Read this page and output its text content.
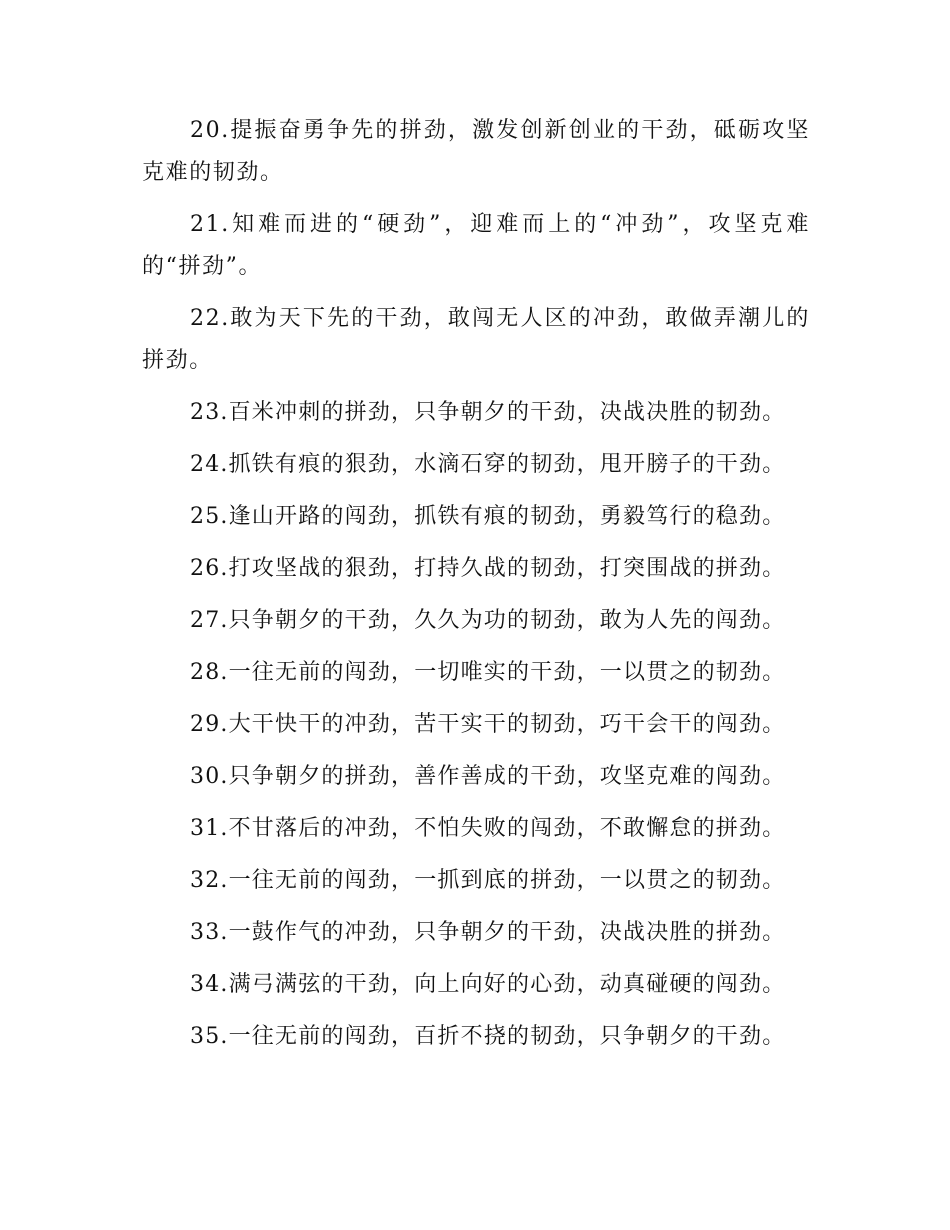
20.提振奋勇争先的拼劲，激发创新创业的干劲，砥砺攻坚克难的韧劲。

21.知难而进的“硬劲”，迎难而上的“冲劲”，攻坚克难的“拼劲”。

22.敢为天下先的干劲，敢闯无人区的冲劲，敢做弄潮儿的拼劲。

23.百米冲刺的拼劲，只争朝夕的干劲，决战决胜的韧劲。

24.抓铁有痕的狠劲，水滴石穿的韧劲，甩开膀子的干劲。

25.逢山开路的闯劲，抓铁有痕的韧劲，勇毅笃行的稳劲。

26.打攻坚战的狠劲，打持久战的韧劲，打突围战的拼劲。

27.只争朝夕的干劲，久久为功的韧劲，敢为人先的闯劲。

28.一往无前的闯劲，一切唯实的干劲，一以贯之的韧劲。

29.大干快干的冲劲，苦干实干的韧劲，巧干会干的闯劲。

30.只争朝夕的拼劲，善作善成的干劲，攻坚克难的闯劲。

31.不甘落后的冲劲，不怕失败的闯劲，不敢懈怠的拼劲。

32.一往无前的闯劲，一抓到底的拼劲，一以贯之的韧劲。

33.一鼓作气的冲劲，只争朝夕的干劲，决战决胜的拼劲。

34.满弓满弦的干劲，向上向好的心劲，动真碰硬的闯劲。

35.一往无前的闯劲，百折不挠的韧劲，只争朝夕的干劲。
